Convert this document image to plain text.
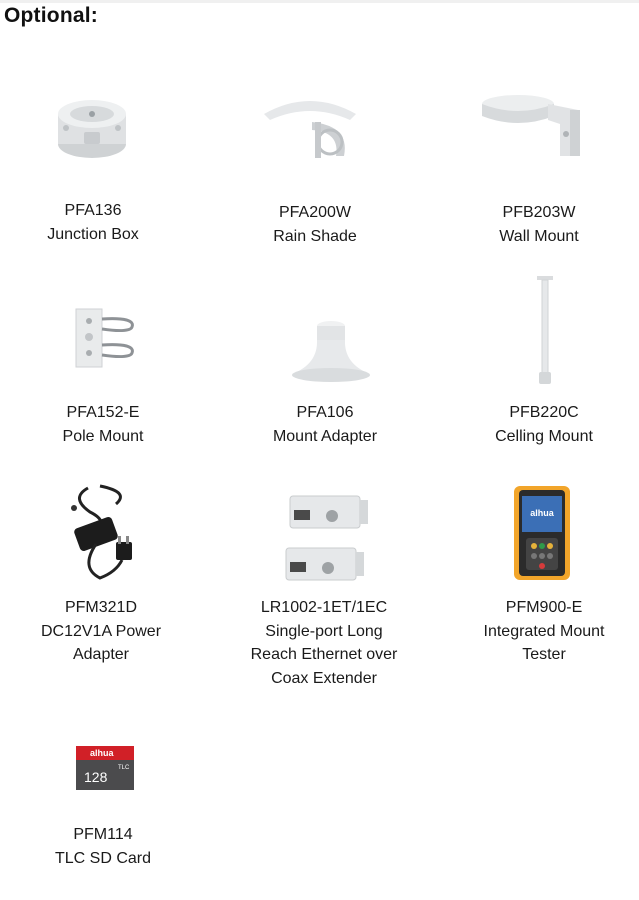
Optional:
PFA136
Junction Box
PFA200W
Rain Shade
PFB203W
Wall Mount
PFA152-E
Pole Mount
PFA106
Mount Adapter
PFB220C
Celling Mount
PFM321D
DC12V1A Power
Adapter
LR1002-1ET/1EC
Single-port Long
Reach Ethernet over
Coax Extender
alhua
PFM900-E
Integrated Mount
Tester
alhua
TLC
128
PFM114
TLC SD Card
